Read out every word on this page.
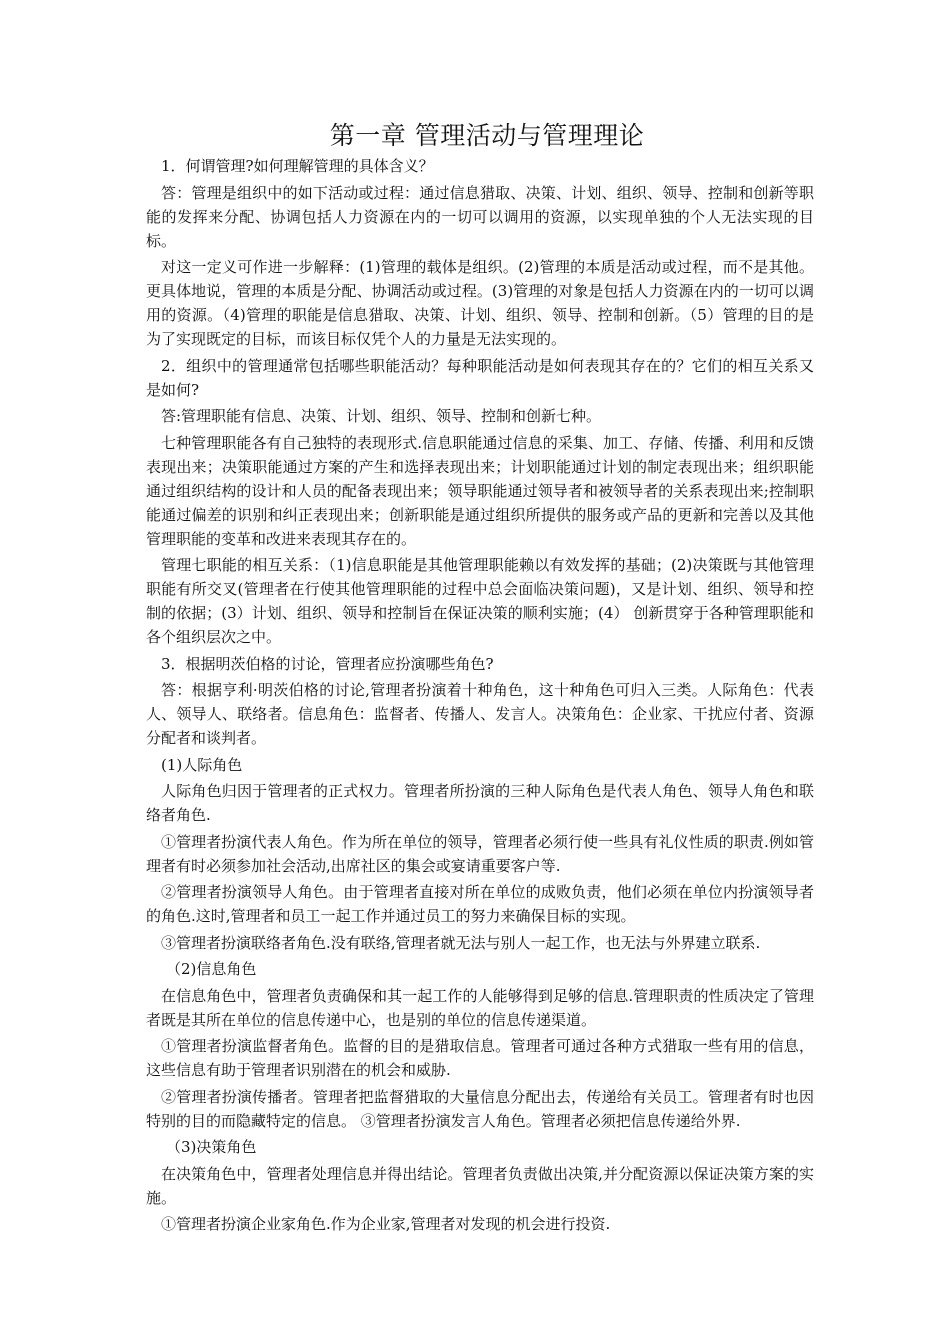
第一章 管理活动与管理理论

1．何谓管理?如何理解管理的具体含义？

答：管理是组织中的如下活动或过程：通过信息猎取、决策、计划、组织、领导、控制和创新等职能的发挥来分配、协调包括人力资源在内的一切可以调用的资源，以实现单独的个人无法实现的目标。

对这一定义可作进一步解释：(1)管理的载体是组织。(2)管理的本质是活动或过程，而不是其他。更具体地说，管理的本质是分配、协调活动或过程。(3)管理的对象是包括人力资源在内的一切可以调用的资源。（4)管理的职能是信息猎取、决策、计划、组织、领导、控制和创新。（5）管理的目的是为了实现既定的目标，而该目标仅凭个人的力量是无法实现的。

2．组织中的管理通常包括哪些职能活动？每种职能活动是如何表现其存在的？它们的相互关系又是如何?

答:管理职能有信息、决策、计划、组织、领导、控制和创新七种。

七种管理职能各有自己独特的表现形式.信息职能通过信息的采集、加工、存储、传播、利用和反馈表现出来；决策职能通过方案的产生和选择表现出来；计划职能通过计划的制定表现出来；组织职能通过组织结构的设计和人员的配备表现出来；领导职能通过领导者和被领导者的关系表现出来;控制职能通过偏差的识别和纠正表现出来；创新职能是通过组织所提供的服务或产品的更新和完善以及其他管理职能的变革和改进来表现其存在的。

管理七职能的相互关系：（1)信息职能是其他管理职能赖以有效发挥的基础；(2)决策既与其他管理职能有所交叉(管理者在行使其他管理职能的过程中总会面临决策问题)，又是计划、组织、领导和控制的依据；(3）计划、组织、领导和控制旨在保证决策的顺利实施；(4） 创新贯穿于各种管理职能和各个组织层次之中。

3．根据明茨伯格的讨论，管理者应扮演哪些角色?

答：根据亨利·明茨伯格的讨论,管理者扮演着十种角色，这十种角色可归入三类。人际角色：代表人、领导人、联络者。信息角色：监督者、传播人、发言人。决策角色：企业家、干扰应付者、资源分配者和谈判者。

(1)人际角色

人际角色归因于管理者的正式权力。管理者所扮演的三种人际角色是代表人角色、领导人角色和联络者角色.

①管理者扮演代表人角色。作为所在单位的领导，管理者必须行使一些具有礼仪性质的职责.例如管理者有时必须参加社会活动,出席社区的集会或宴请重要客户等.

②管理者扮演领导人角色。由于管理者直接对所在单位的成败负责，他们必须在单位内扮演领导者的角色.这时,管理者和员工一起工作并通过员工的努力来确保目标的实现。

③管理者扮演联络者角色.没有联络,管理者就无法与别人一起工作，也无法与外界建立联系.

（2)信息角色

在信息角色中，管理者负责确保和其一起工作的人能够得到足够的信息.管理职责的性质决定了管理者既是其所在单位的信息传递中心，也是别的单位的信息传递渠道。

①管理者扮演监督者角色。监督的目的是猎取信息。管理者可通过各种方式猎取一些有用的信息，这些信息有助于管理者识别潜在的机会和威胁.

②管理者扮演传播者。管理者把监督猎取的大量信息分配出去，传递给有关员工。管理者有时也因特别的目的而隐藏特定的信息。 ③管理者扮演发言人角色。管理者必须把信息传递给外界.

（3)决策角色

在决策角色中，管理者处理信息并得出结论。管理者负责做出决策,并分配资源以保证决策方案的实施。

①管理者扮演企业家角色.作为企业家,管理者对发现的机会进行投资.
